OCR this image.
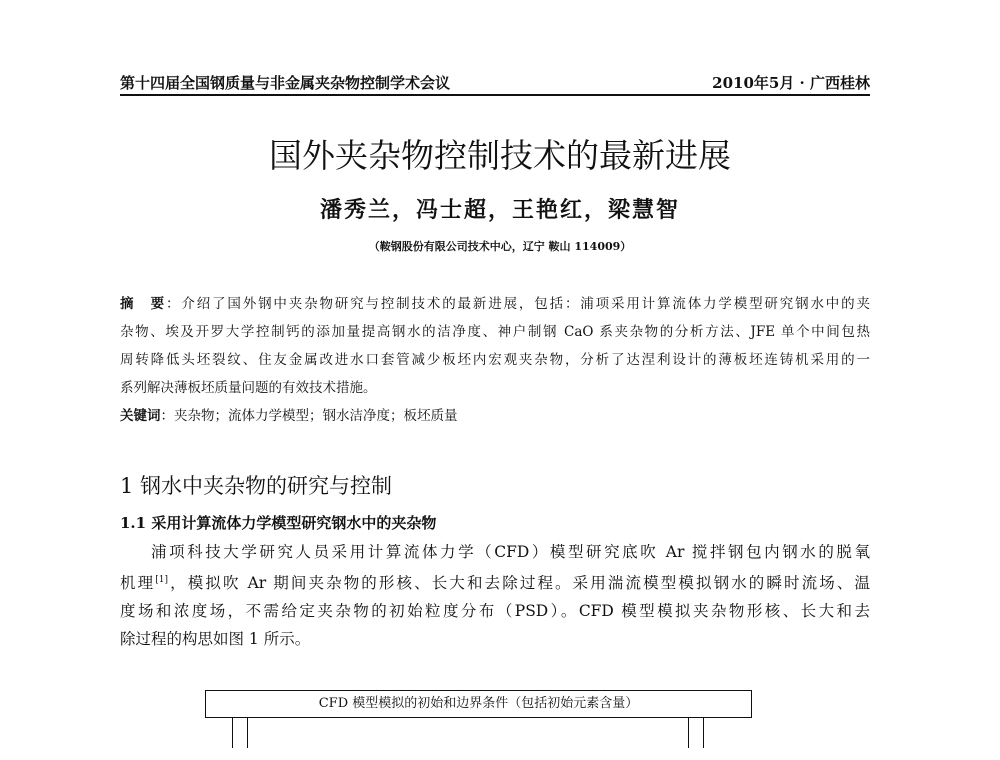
第十四届全国钢质量与非金属夹杂物控制学术会议	2010年5月 · 广西桂林
国外夹杂物控制技术的最新进展
潘秀兰，冯士超，王艳红，梁慧智
（鞍钢股份有限公司技术中心，辽宁 鞍山 114009）
摘　要：介绍了国外钢中夹杂物研究与控制技术的最新进展，包括：浦项采用计算流体力学模型研究钢水中的夹
杂物、埃及开罗大学控制钙的添加量提高钢水的洁净度、神户制钢 CaO 系夹杂物的分析方法、JFE 单个中间包热
周转降低头坯裂纹、住友金属改进水口套管减少板坯内宏观夹杂物，分析了达涅利设计的薄板坯连铸机采用的一
系列解决薄板坯质量问题的有效技术措施。
关键词：夹杂物；流体力学模型；钢水洁净度；板坯质量
1 钢水中夹杂物的研究与控制
1.1 采用计算流体力学模型研究钢水中的夹杂物
浦项科技大学研究人员采用计算流体力学（CFD）模型研究底吹 Ar 搅拌钢包内钢水的脱氧
机理[1]，模拟吹 Ar 期间夹杂物的形核、长大和去除过程。采用湍流模型模拟钢水的瞬时流场、温
度场和浓度场，不需给定夹杂物的初始粒度分布（PSD）。CFD 模型模拟夹杂物形核、长大和去
除过程的构思如图 1 所示。
CFD 模型模拟的初始和边界条件（包括初始元素含量）
